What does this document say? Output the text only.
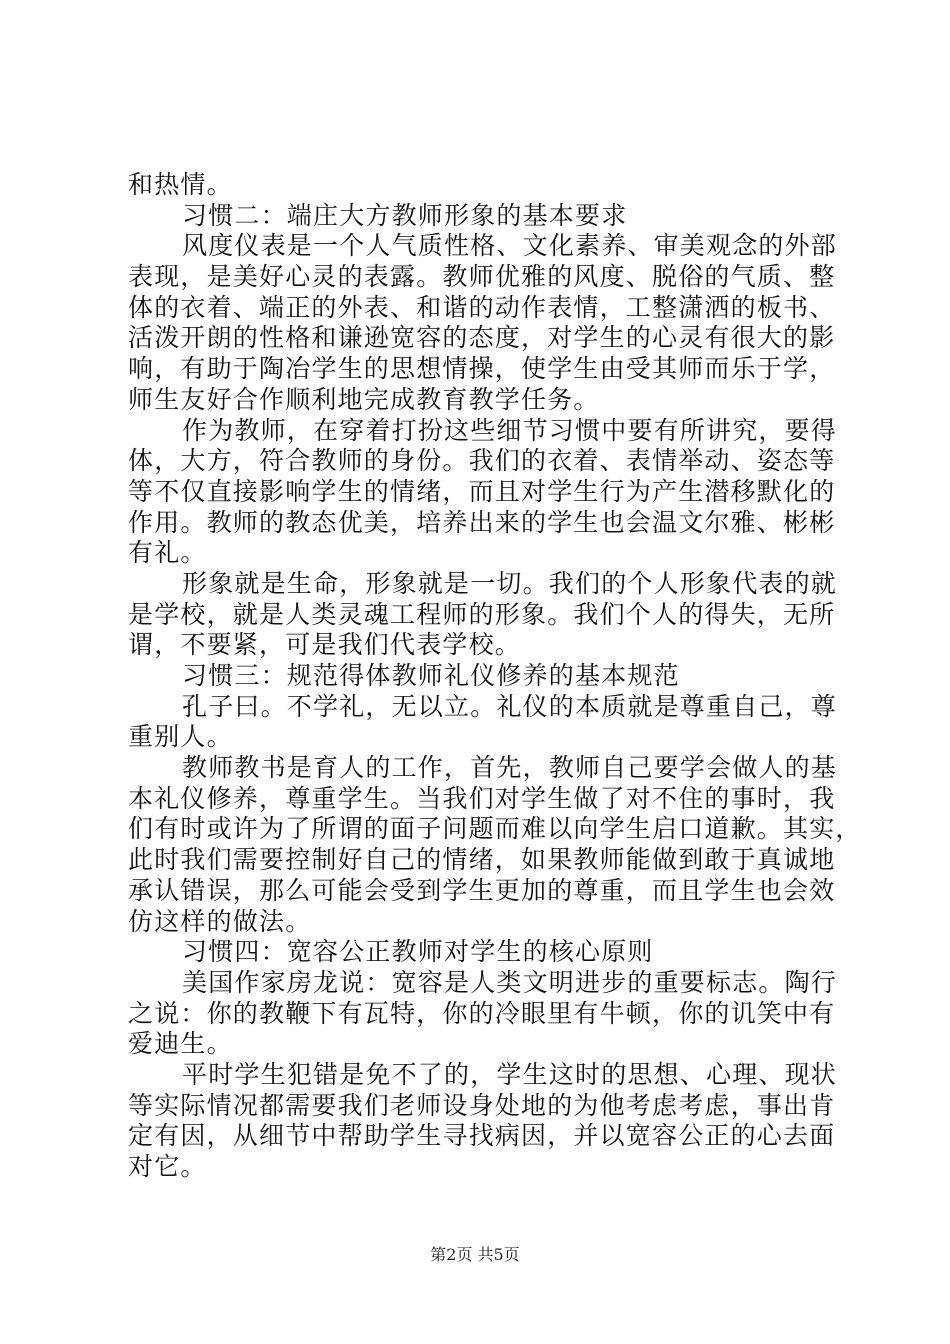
和热情。
习惯二：端庄大方教师形象的基本要求
风度仪表是一个人气质性格、文化素养、审美观念的外部
表现，是美好心灵的表露。教师优雅的风度、脱俗的气质、整
体的衣着、端正的外表、和谐的动作表情，工整潇洒的板书、
活泼开朗的性格和谦逊宽容的态度，对学生的心灵有很大的影
响，有助于陶冶学生的思想情操，使学生由受其师而乐于学，
师生友好合作顺利地完成教育教学任务。
作为教师，在穿着打扮这些细节习惯中要有所讲究，要得
体，大方，符合教师的身份。我们的衣着、表情举动、姿态等
等不仅直接影响学生的情绪，而且对学生行为产生潜移默化的
作用。教师的教态优美，培养出来的学生也会温文尔雅、彬彬
有礼。
形象就是生命，形象就是一切。我们的个人形象代表的就
是学校，就是人类灵魂工程师的形象。我们个人的得失，无所
谓，不要紧，可是我们代表学校。
习惯三：规范得体教师礼仪修养的基本规范
孔子曰。不学礼，无以立。礼仪的本质就是尊重自己，尊
重别人。
教师教书是育人的工作，首先，教师自己要学会做人的基
本礼仪修养，尊重学生。当我们对学生做了对不住的事时，我
们有时或许为了所谓的面子问题而难以向学生启口道歉。其实，
此时我们需要控制好自己的情绪，如果教师能做到敢于真诚地
承认错误，那么可能会受到学生更加的尊重，而且学生也会效
仿这样的做法。
习惯四：宽容公正教师对学生的核心原则
美国作家房龙说：宽容是人类文明进步的重要标志。陶行
之说：你的教鞭下有瓦特，你的冷眼里有牛顿，你的讥笑中有
爱迪生。
平时学生犯错是免不了的，学生这时的思想、心理、现状
等实际情况都需要我们老师设身处地的为他考虑考虑，事出肯
定有因，从细节中帮助学生寻找病因，并以宽容公正的心去面
对它。
第2页 共5页
